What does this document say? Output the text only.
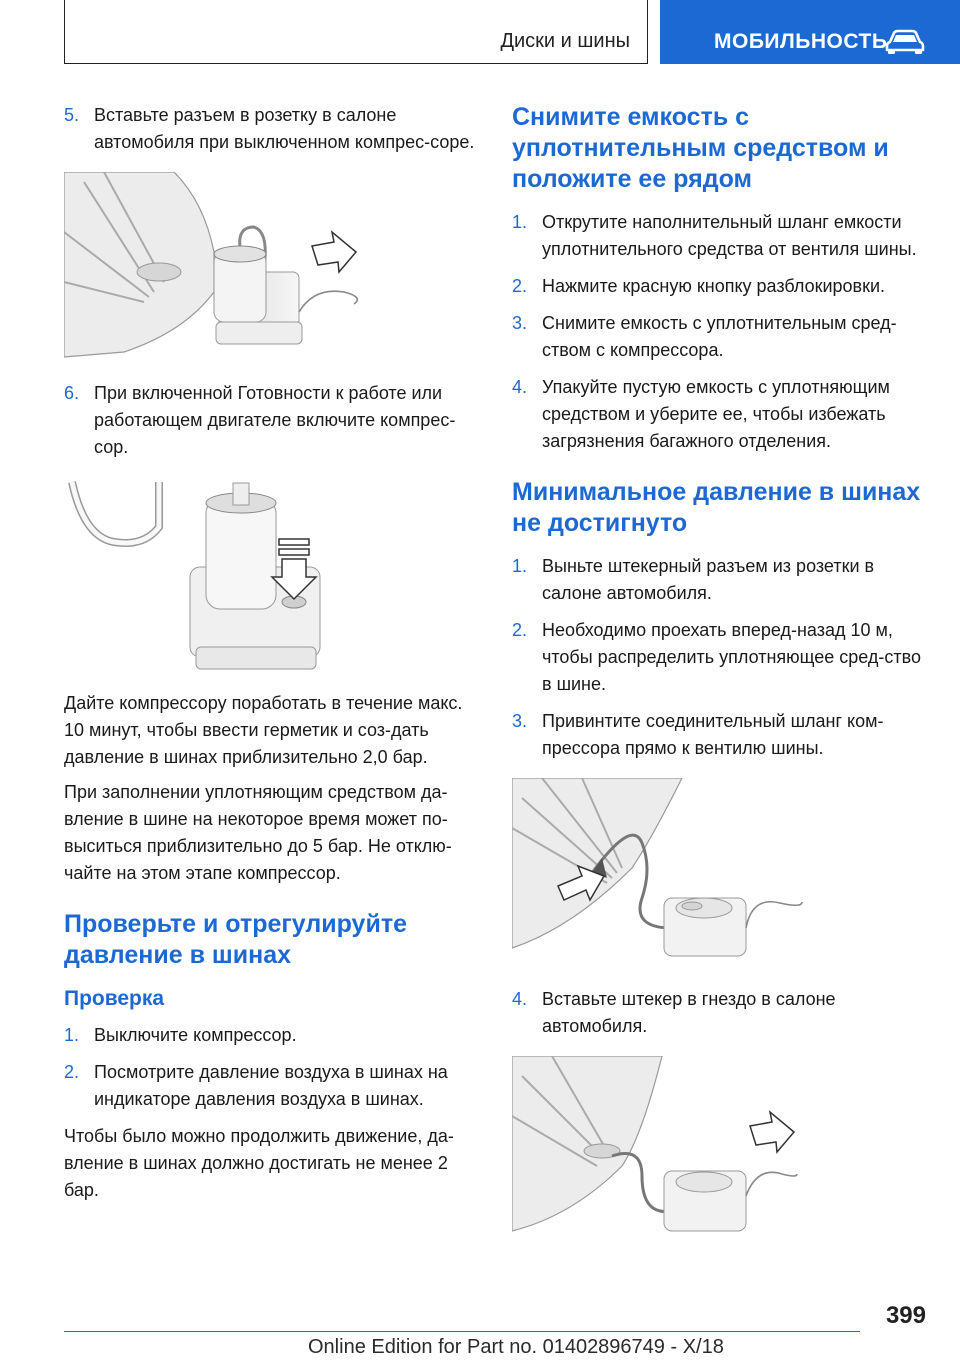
Диски и шины	МОБИЛЬНОСТЬ
5. Вставьте разъем в розетку в салоне автомобиля при выключенном компрес-соре.
6. При включенной Готовности к работе или работающем двигателе включите компрес-сор.

Дайте компрессору поработать в течение макс. 10 минут, чтобы ввести герметик и соз-дать давление в шинах приблизительно 2,0 бар.

При заполнении уплотняющим средством да-вление в шине на некоторое время может по-выситься приблизительно до 5 бар. Не отклю-чайте на этом этапе компрессор.

Проверьте и отрегулируйте давление в шинах
Проверка
1. Выключите компрессор.
2. Посмотрите давление воздуха в шинах на индикаторе давления воздуха в шинах.

Чтобы было можно продолжить движение, да-вление в шинах должно достигать не менее 2 бар.

Снимите емкость с уплотнительным средством и положите ее рядом
1. Открутите наполнительный шланг емкости уплотнительного средства от вентиля шины.
2. Нажмите красную кнопку разблокировки.
3. Снимите емкость с уплотнительным сред-ством с компрессора.
4. Упакуйте пустую емкость с уплотняющим средством и уберите ее, чтобы избежать загрязнения багажного отделения.
Минимальное давление в шинах не достигнуто
1. Выньте штекерный разъем из розетки в салоне автомобиля.
2. Необходимо проехать вперед-назад 10 м, чтобы распределить уплотняющее сред-ство в шине.
3. Привинтите соединительный шланг ком-прессора прямо к вентилю шины.
4. Вставьте штекер в гнездо в салоне автомобиля.
399
Online Edition for Part no. 01402896749 - X/18
